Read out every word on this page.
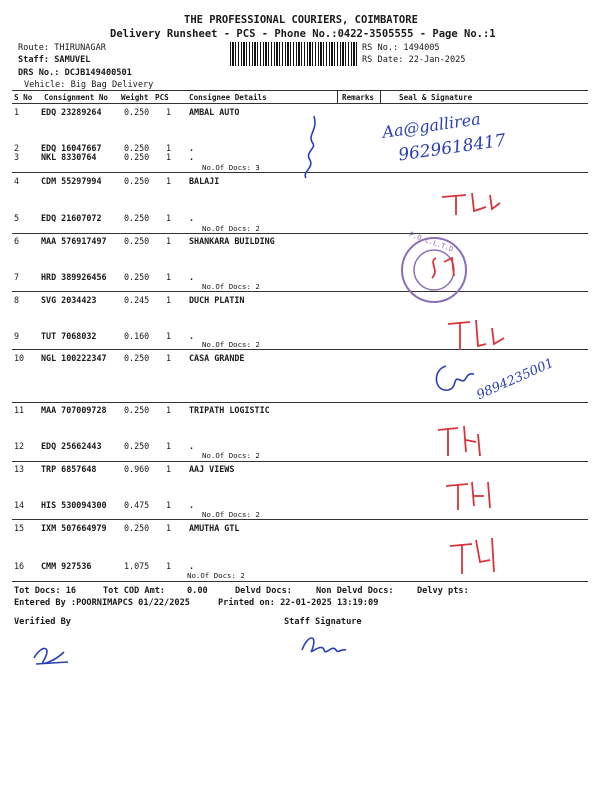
THE PROFESSIONAL COURIERS, COIMBATORE
Delivery Runsheet - PCS - Phone No.:0422-3505555 - Page No.:1
Route: THIRUNAGAR
Staff: SAMUVEL
DRS No.: DCJB149400501
Vehicle: Big Bag Delivery
RS No.: 1494005
RS Date: 22-Jan-2025
S No Consignment No Weight PCS	Consignee Details	Remarks	Seal & Signature
1	EDQ 23289264	0.250 1 AMBAL AUTO
2	EDQ 16047667	0.250 1 .
3	NKL 8330764	0.250 1 .
4	CDM 55297994	0.250 1 BALAJI
5	EDQ 21607072	0.250 1 .
6	MAA 576917497 0.250 1 SHANKARA BUILDING
7	HRD 389926456 0.250 1 .
8	SVG 2034423	0.245 1 DUCH PLATIN
9	TUT 7068032	0.160 1 .
10 NGL 100222347 0.250 1 CASA GRANDE
11 MAA 707009728 0.250 1 TRIPATH LOGISTIC
12 EDQ 25662443	0.250 1 .
13 TRP 6857648	0.960 1 AAJ VIEWS
14 HIS 530094300 0.475 1 .
15 IXM 507664979 0.250 1 AMUTHA GTL
16 CMM 927536	1.075 1 .
No.Of Docs: 3
No.Of Docs: 2
No.Of Docs: 2
No.Of Docs: 2
No.Of Docs: 2
No.Of Docs: 2
No.Of Docs: 2
Aa@gallirea
9629618417
P.O.C.L.T.D
9894235001
Tot Docs: 16	Tot COD Amt:	0.00	Delvd Docs:	Non Delvd Docs:	Delvy pts:
Entered By :POORNIMAPCS 01/22/2025	Printed on: 22-01-2025 13:19:09
Verified By	Staff Signature
